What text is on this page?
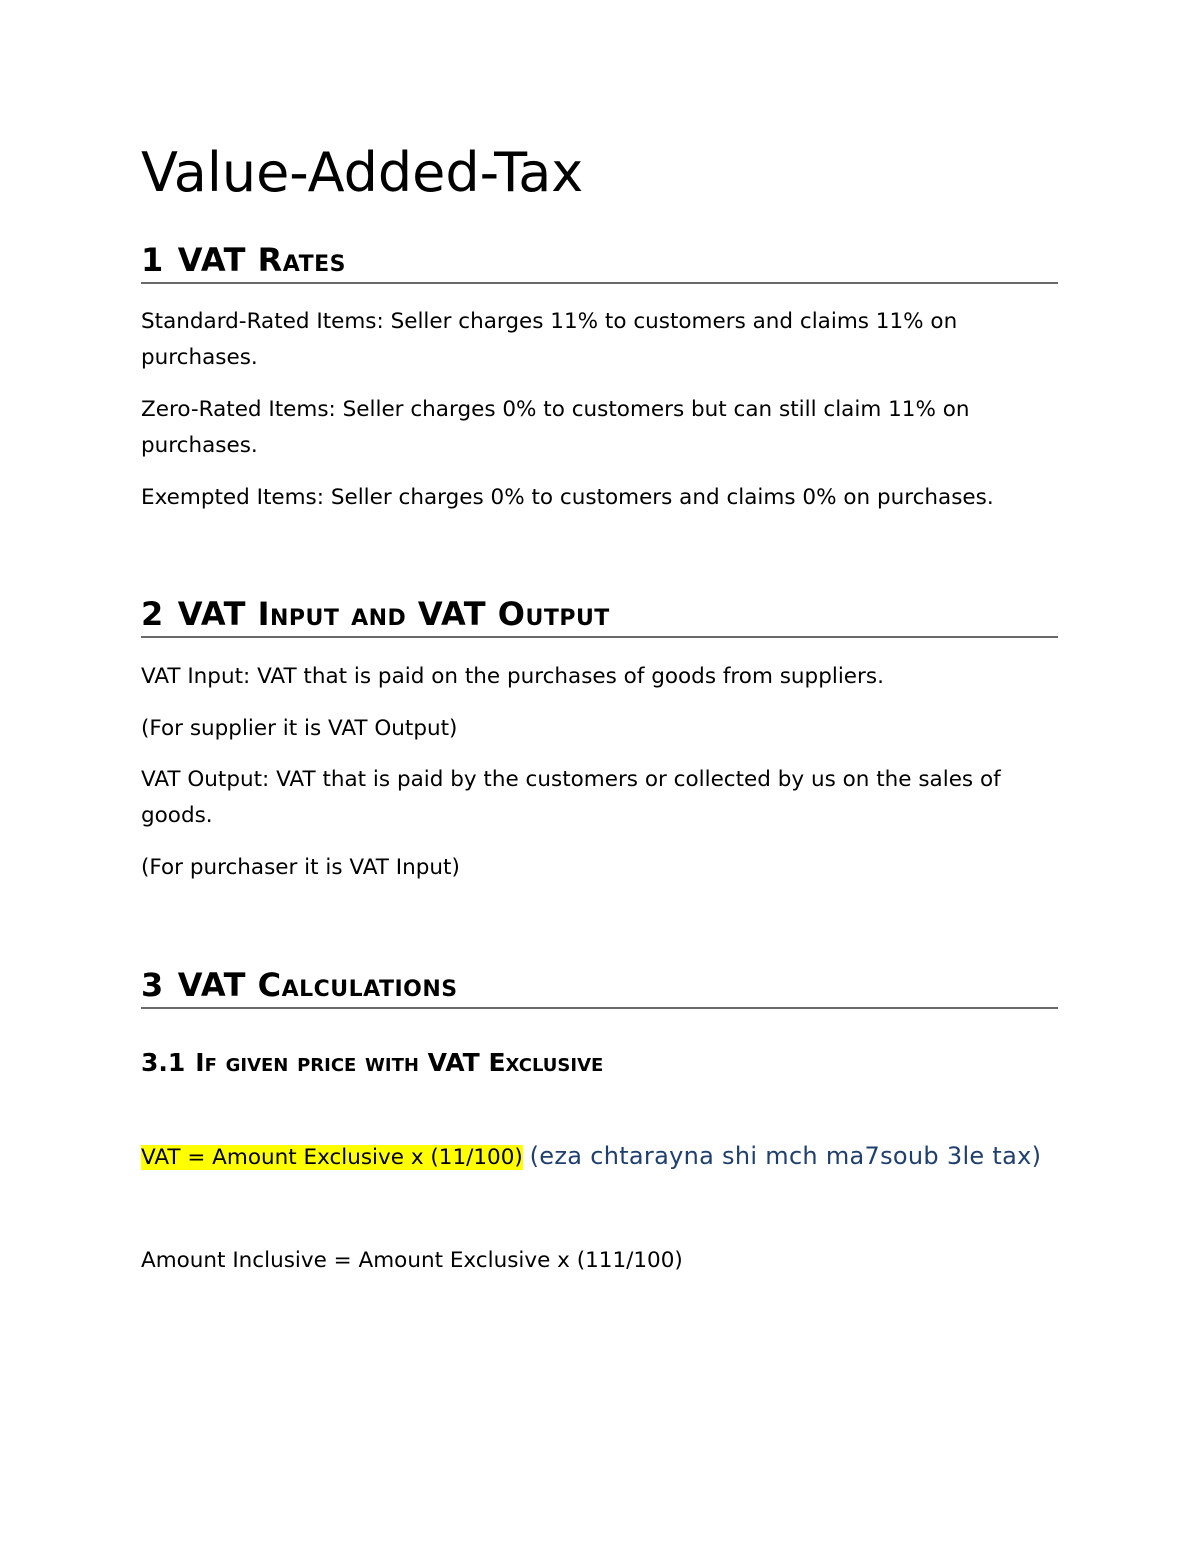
Value-Added-Tax
1 VAT Rates

Standard-Rated Items: Seller charges 11% to customers and claims 11% on purchases.

Zero-Rated Items: Seller charges 0% to customers but can still claim 11% on purchases.

Exempted Items: Seller charges 0% to customers and claims 0% on purchases.

2 VAT Input and VAT Output

VAT Input: VAT that is paid on the purchases of goods from suppliers.

(For supplier it is VAT Output)

VAT Output: VAT that is paid by the customers or collected by us on the sales of goods.

(For purchaser it is VAT Input)

3 VAT Calculations
3.1 If given price with VAT Exclusive

VAT = Amount Exclusive x (11/100) (eza chtarayna shi mch ma7soub 3le tax)

Amount Inclusive = Amount Exclusive x (111/100)
